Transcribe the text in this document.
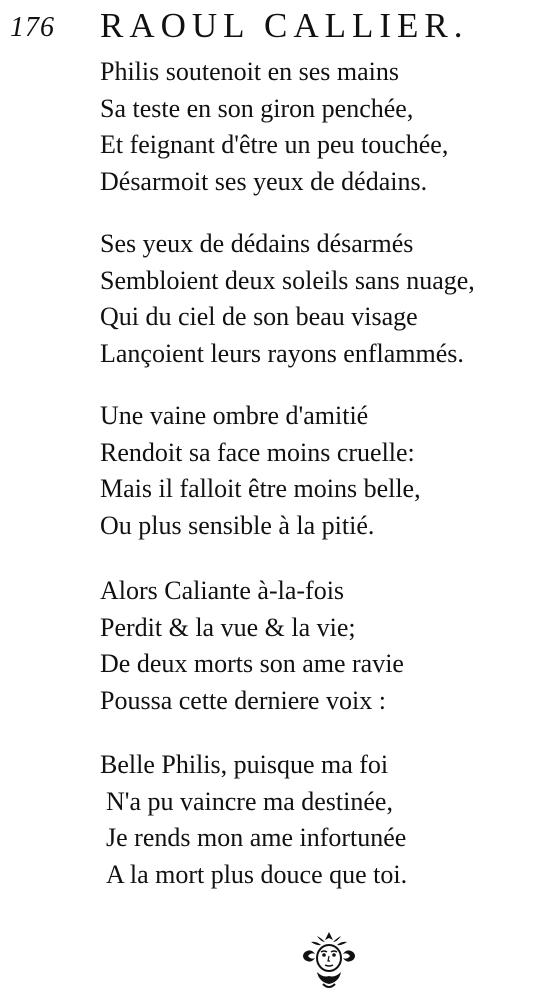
176 RAOUL CALLIER.
Philis soutenoit en ses mains
Sa teste en son giron penchée,
Et feignant d'être un peu touchée,
Désarmoit ses yeux de dédains.
Ses yeux de dédains désarmés
Sembloient deux soleils sans nuage,
Qui du ciel de son beau visage
Lançoient leurs rayons enflammés.
Une vaine ombre d'amitié
Rendoit sa face moins cruelle:
Mais il falloit être moins belle,
Ou plus sensible à la pitié.
Alors Caliante à-la-fois
Perdit & la vue & la vie;
De deux morts son ame ravie
Poussa cette derniere voix :
Belle Philis, puisque ma foi
N'a pu vaincre ma destinée,
Je rends mon ame infortunée
A la mort plus douce que toi.
